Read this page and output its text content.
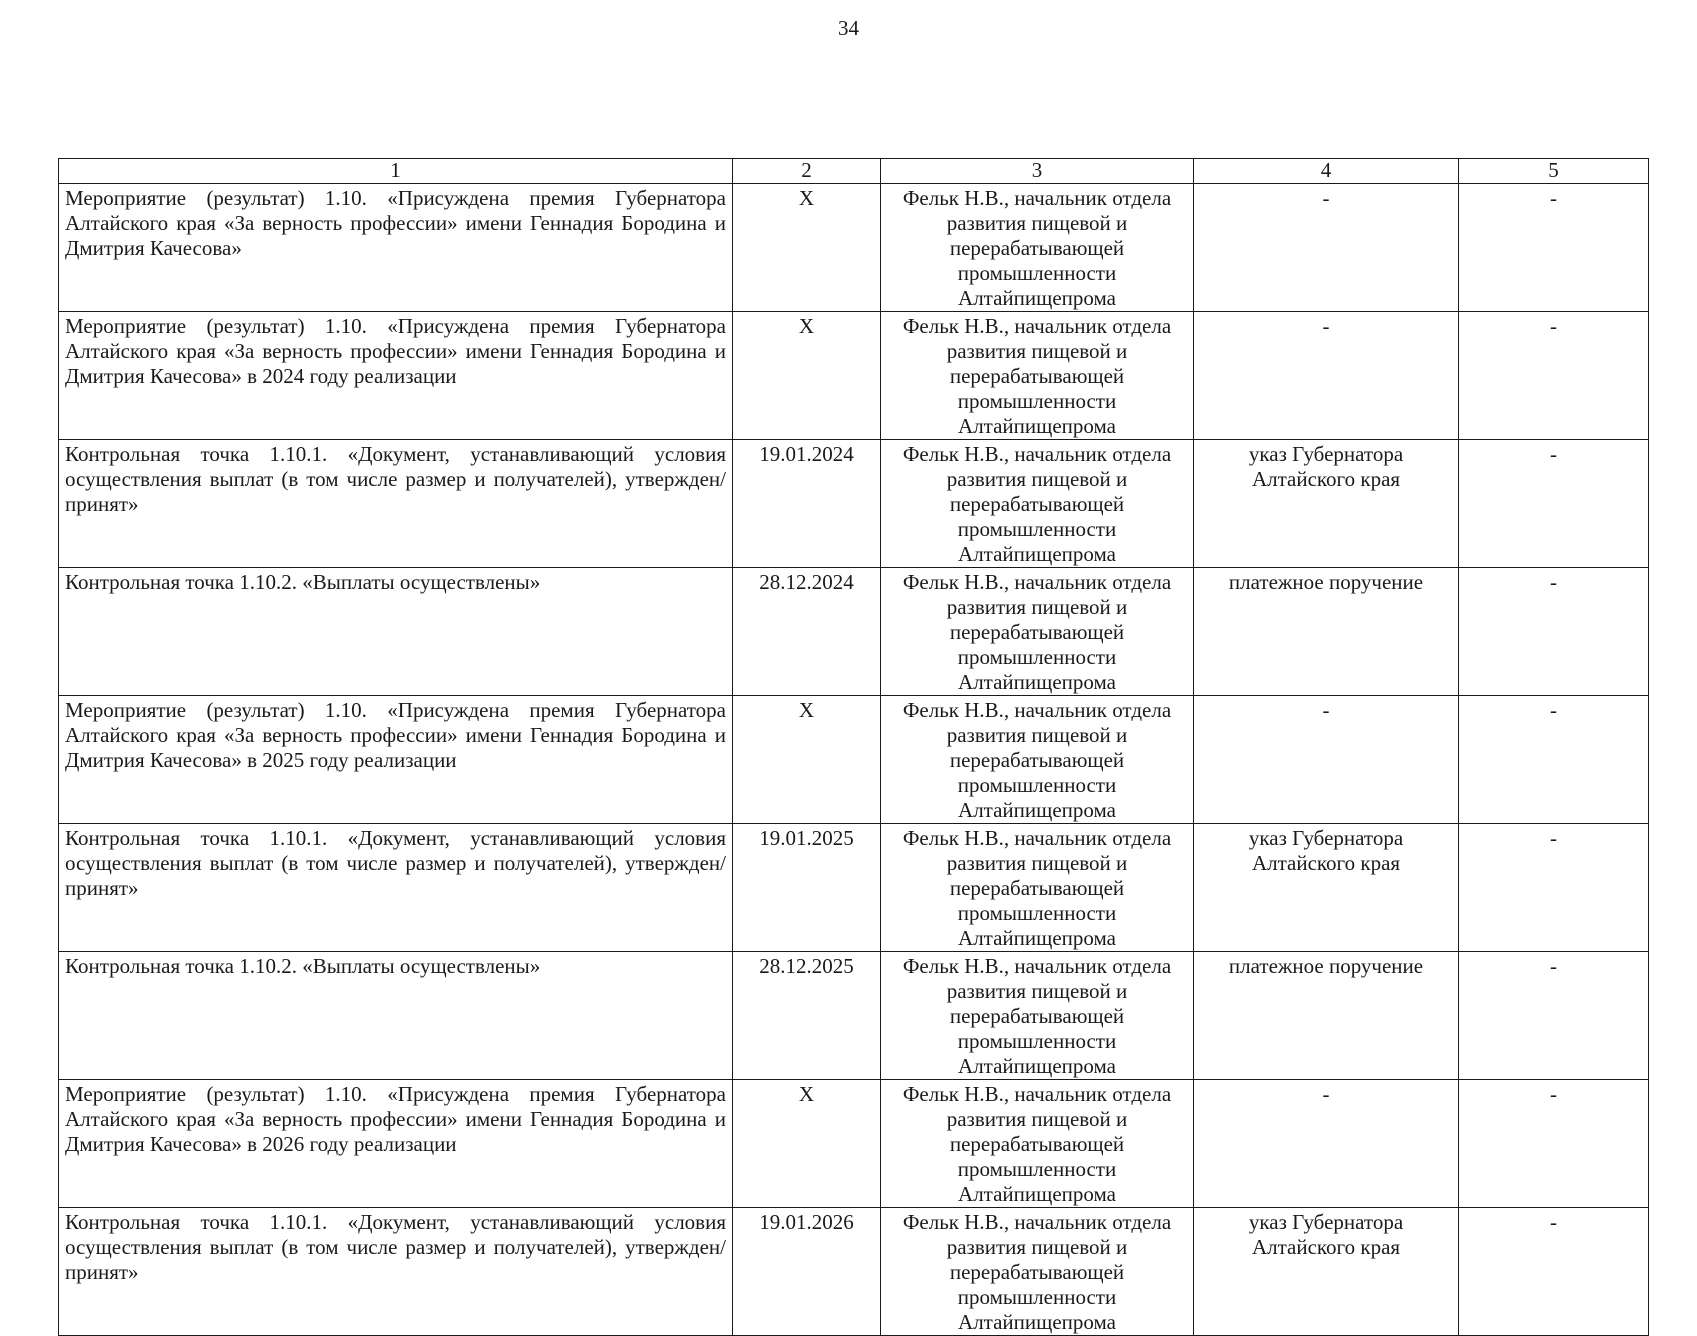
34
1	2	3	4	5
Мероприятие (результат) 1.10. «Присуждена премия Губернатора Алтайского края «За верность профессии» имени Геннадия Бородина и Дмитрия Качесова»	X	Фельк Н.В., начальник отдела развития пищевой и перерабатывающей промышленности Алтайпищепрома	-	-
Мероприятие (результат) 1.10. «Присуждена премия Губернатора Алтайского края «За верность профессии» имени Геннадия Бородина и Дмитрия Качесова» в 2024 году реализации	X	Фельк Н.В., начальник отдела развития пищевой и перерабатывающей промышленности Алтайпищепрома	-	-
Контрольная точка 1.10.1. «Документ, устанавливающий условия осуществления выплат (в том числе размер и получателей), утвержден/принят»	19.01.2024	Фельк Н.В., начальник отдела развития пищевой и перерабатывающей промышленности Алтайпищепрома	указ Губернатора Алтайского края	-
Контрольная точка 1.10.2. «Выплаты осуществлены»	28.12.2024	Фельк Н.В., начальник отдела развития пищевой и перерабатывающей промышленности Алтайпищепрома	платежное поручение	-
Мероприятие (результат) 1.10. «Присуждена премия Губернатора Алтайского края «За верность профессии» имени Геннадия Бородина и Дмитрия Качесова» в 2025 году реализации	X	Фельк Н.В., начальник отдела развития пищевой и перерабатывающей промышленности Алтайпищепрома	-	-
Контрольная точка 1.10.1. «Документ, устанавливающий условия осуществления выплат (в том числе размер и получателей), утвержден/принят»	19.01.2025	Фельк Н.В., начальник отдела развития пищевой и перерабатывающей промышленности Алтайпищепрома	указ Губернатора Алтайского края	-
Контрольная точка 1.10.2. «Выплаты осуществлены»	28.12.2025	Фельк Н.В., начальник отдела развития пищевой и перерабатывающей промышленности Алтайпищепрома	платежное поручение	-
Мероприятие (результат) 1.10. «Присуждена премия Губернатора Алтайского края «За верность профессии» имени Геннадия Бородина и Дмитрия Качесова» в 2026 году реализации	X	Фельк Н.В., начальник отдела развития пищевой и перерабатывающей промышленности Алтайпищепрома	-	-
Контрольная точка 1.10.1. «Документ, устанавливающий условия осуществления выплат (в том числе размер и получателей), утвержден/принят»	19.01.2026	Фельк Н.В., начальник отдела развития пищевой и перерабатывающей промышленности Алтайпищепрома	указ Губернатора Алтайского края	-
